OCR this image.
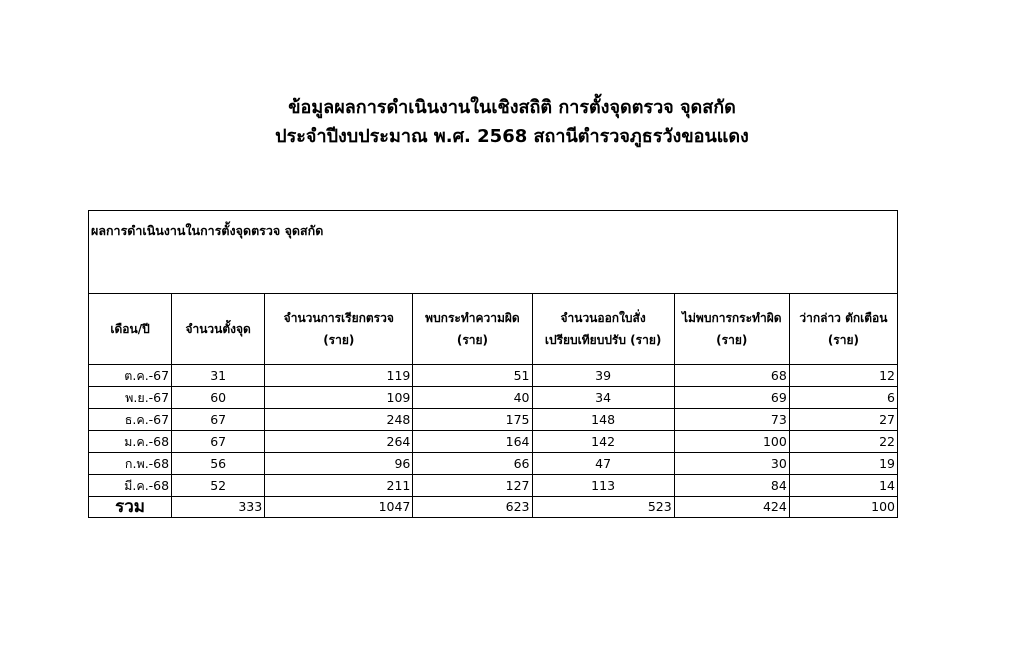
ข้อมูลผลการดำเนินงานในเชิงสถิติ การตั้งจุดตรวจ จุดสกัด
ประจำปีงบประมาณ พ.ศ. 2568 สถานีตำรวจภูธรวังขอนแดง
ผลการดำเนินงานในการตั้งจุดตรวจ จุดสกัด						

เดือน/ปี	จำนวนตั้งจุด	จำนวนการเรียกตรวจ
(ราย)	พบกระทำความผิด
(ราย)	จำนวนออกใบสั่ง
เปรียบเทียบปรับ (ราย)	ไม่พบการกระทำผิด
(ราย)	ว่ากล่าว ตักเตือน
(ราย)

ต.ค.-67	31	119	51	39	68	12
พ.ย.-67	60	109	40	34	69	6
ธ.ค.-67	67	248	175	148	73	27
ม.ค.-68	67	264	164	142	100	22
ก.พ.-68	56	96	66	47	30	19
มี.ค.-68	52	211	127	113	84	14
รวม	333	1047	623	523	424	100
